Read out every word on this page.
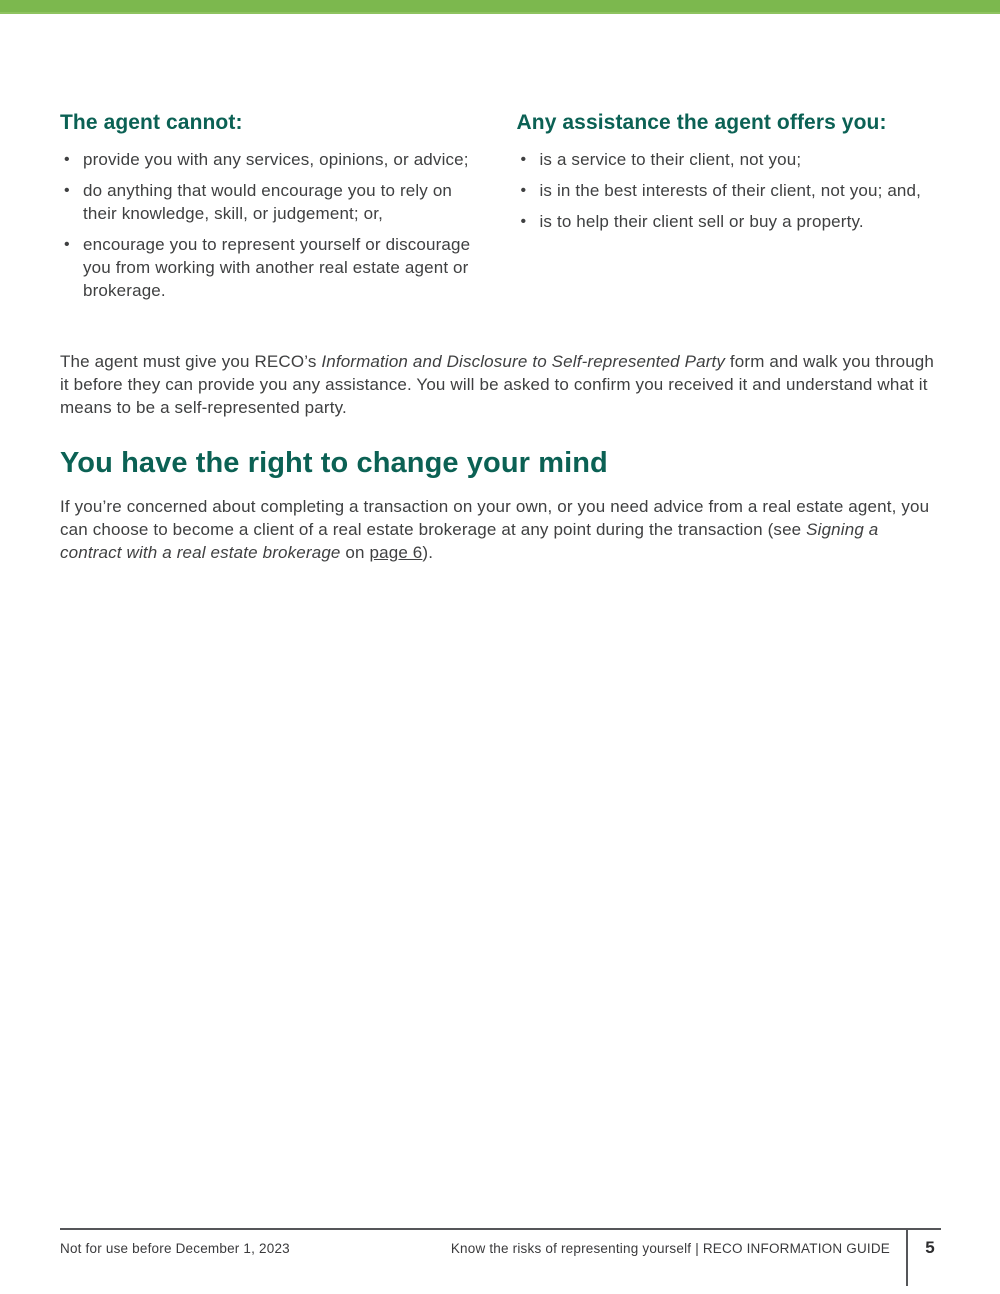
The agent cannot:
• provide you with any services, opinions, or advice;
• do anything that would encourage you to rely on their knowledge, skill, or judgement; or,
• encourage you to represent yourself or discourage you from working with another real estate agent or brokerage.
Any assistance the agent offers you:
• is a service to their client, not you;
• is in the best interests of their client, not you; and,
• is to help their client sell or buy a property.

The agent must give you RECO’s Information and Disclosure to Self-represented Party form and walk you through it before they can provide you any assistance. You will be asked to confirm you received it and understand what it means to be a self-represented party.

You have the right to change your mind

If you’re concerned about completing a transaction on your own, or you need advice from a real estate agent, you can choose to become a client of a real estate brokerage at any point during the transaction (see Signing a contract with a real estate brokerage on page 6).

Not for use before December 1, 2023	Know the risks of representing yourself | RECO INFORMATION GUIDE	5
